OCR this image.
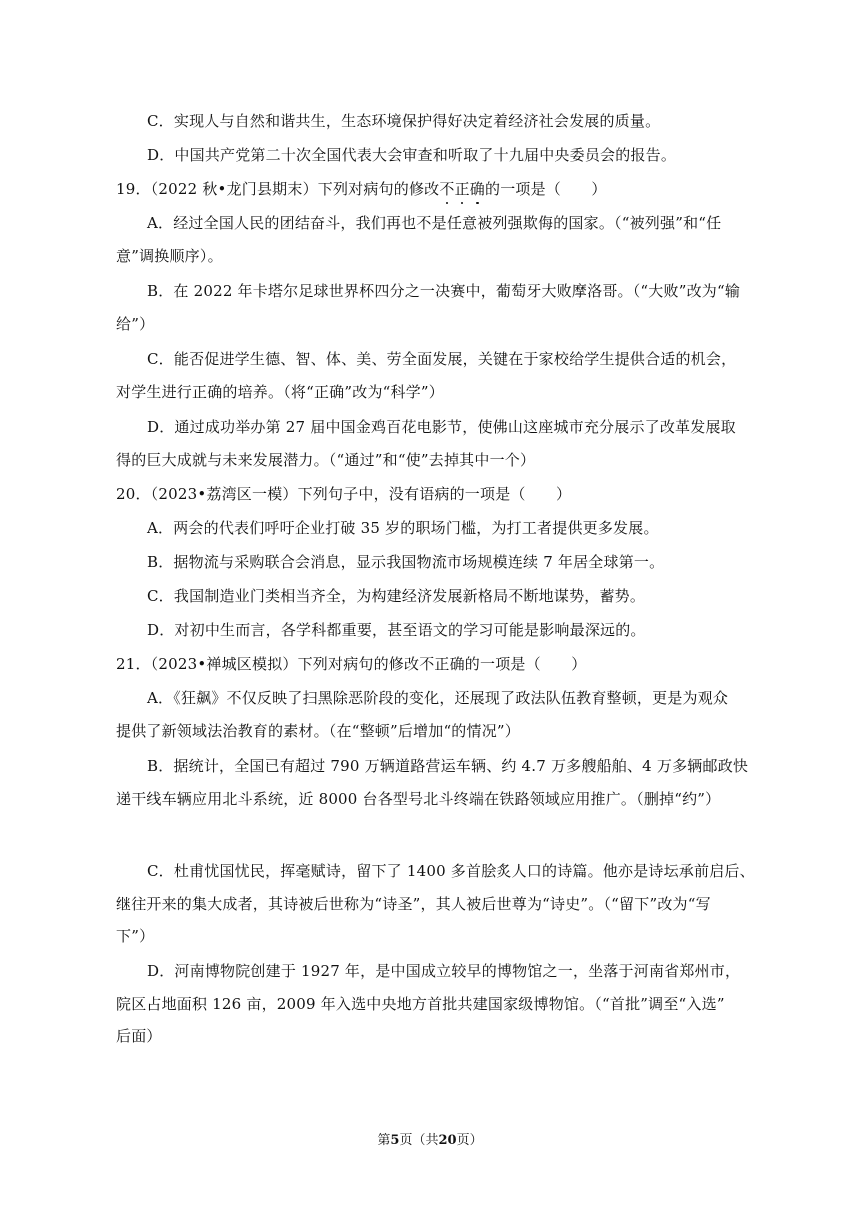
C．实现人与自然和谐共生，生态环境保护得好决定着经济社会发展的质量。
D．中国共产党第二十次全国代表大会审查和听取了十九届中央委员会的报告。
19．（2022 秋•龙门县期末）下列对病句的修改不正确的一项是（　　）
A．经过全国人民的团结奋斗，我们再也不是任意被列强欺侮的国家。（“被列强”和“任
意”调换顺序）。
B．在 2022 年卡塔尔足球世界杯四分之一决赛中，葡萄牙大败摩洛哥。（“大败”改为“输
给”）
C．能否促进学生德、智、体、美、劳全面发展，关键在于家校给学生提供合适的机会，
对学生进行正确的培养。（将“正确”改为“科学”）
D．通过成功举办第 27 届中国金鸡百花电影节，使佛山这座城市充分展示了改革发展取
得的巨大成就与未来发展潜力。（“通过”和“使”去掉其中一个）
20．（2023•荔湾区一模）下列句子中，没有语病的一项是（　　）
A．两会的代表们呼吁企业打破 35 岁的职场门槛，为打工者提供更多发展。
B．据物流与采购联合会消息，显示我国物流市场规模连续 7 年居全球第一。
C．我国制造业门类相当齐全，为构建经济发展新格局不断地谋势，蓄势。
D．对初中生而言，各学科都重要，甚至语文的学习可能是影响最深远的。
21．（2023•禅城区模拟）下列对病句的修改不正确的一项是（　　）
A．《狂飙》不仅反映了扫黑除恶阶段的变化，还展现了政法队伍教育整顿，更是为观众
提供了新领域法治教育的素材。（在“整顿”后增加“的情况”）
B．据统计，全国已有超过 790 万辆道路营运车辆、约 4.7 万多艘船舶、4 万多辆邮政快
递干线车辆应用北斗系统，近 8000 台各型号北斗终端在铁路领域应用推广。（删掉“约”）
C．杜甫忧国忧民，挥毫赋诗，留下了 1400 多首脍炙人口的诗篇。他亦是诗坛承前启后、
继往开来的集大成者，其诗被后世称为“诗圣”，其人被后世尊为“诗史”。（“留下”改为“写
下”）
D．河南博物院创建于 1927 年，是中国成立较早的博物馆之一，坐落于河南省郑州市，
院区占地面积 126 亩，2009 年入选中央地方首批共建国家级博物馆。（“首批”调至“入选”
后面）
第5页（共20页）
